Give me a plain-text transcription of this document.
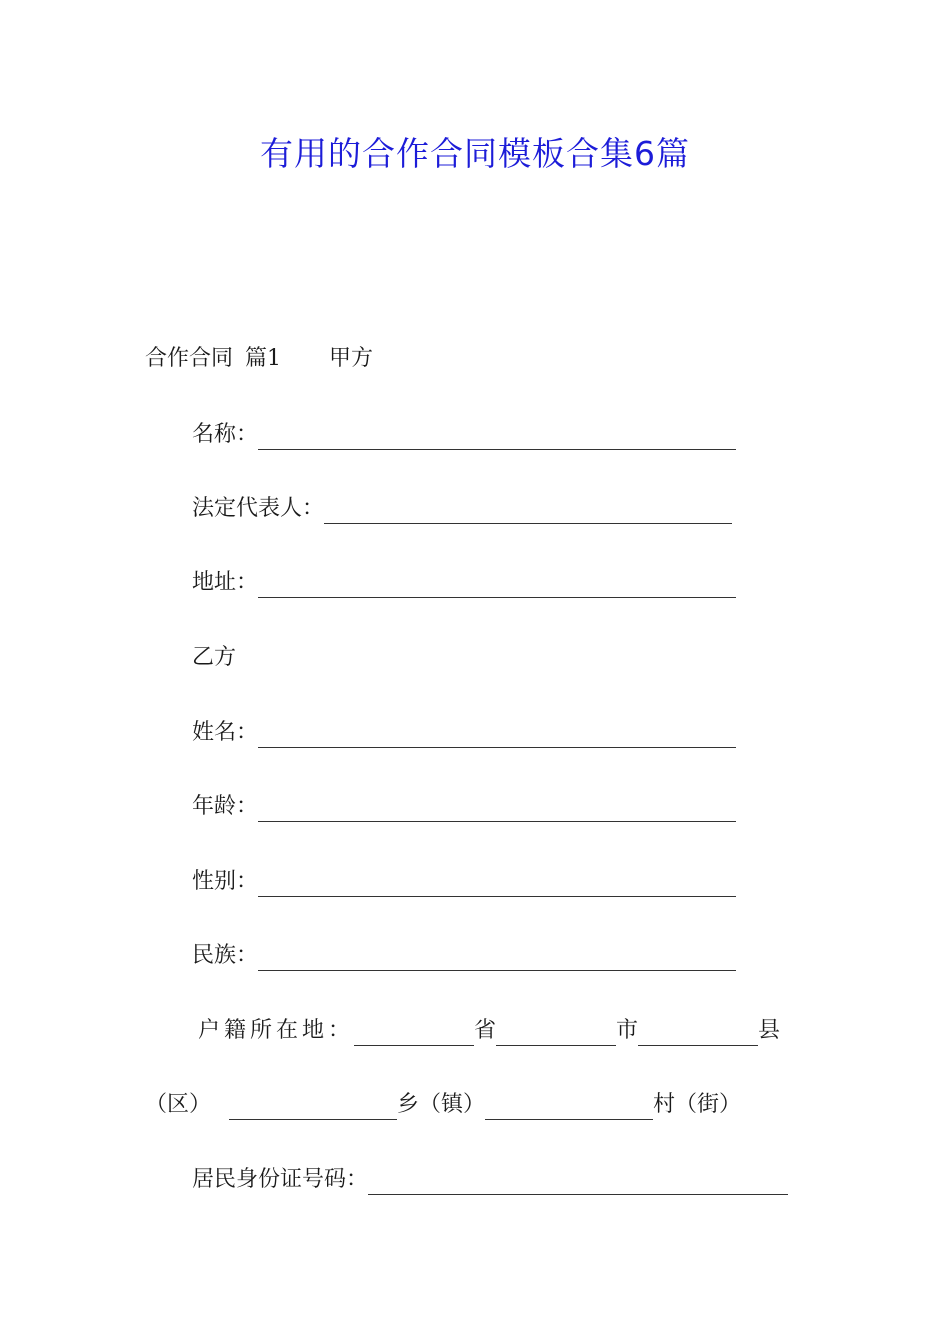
有用的合作合同模板合集6篇
合作合同 篇1 甲方
名称：
法定代表人：
地址：
乙方
姓名：
年龄：
性别：
民族：
户籍所在地：	省	市	县
（区）	乡（镇）	村（街）
居民身份证号码：
